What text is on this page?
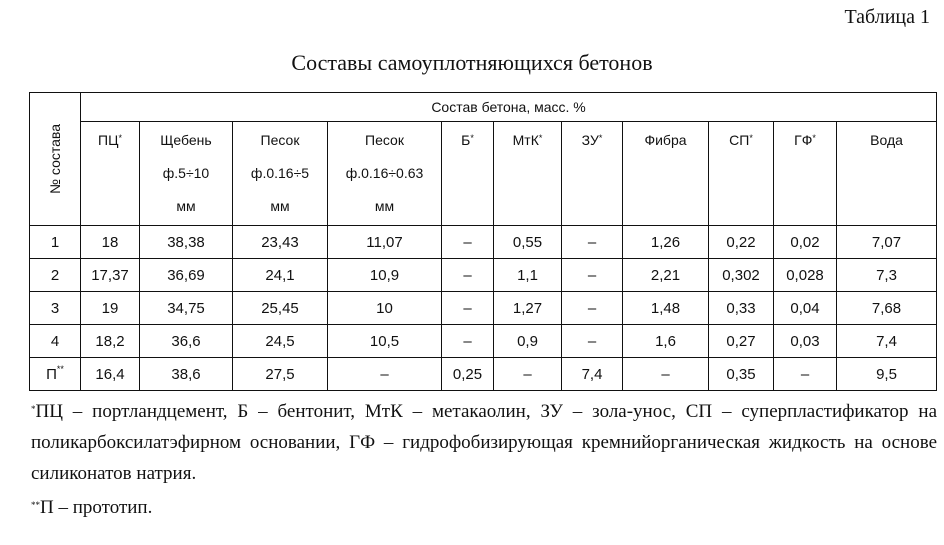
Таблица 1
Составы самоуплотняющихся бетонов
№ состава	Состав бетона, масс. %										

	ПЦ*	Щебень
ф.5÷10
мм	Песок
ф.0.16÷5
мм	Песок
ф.0.16÷0.63
мм	Б*	МтК*	ЗУ*	Фибра	СП*	ГФ*	Вода

1	18	38,38	23,43	11,07	–	0,55	–	1,26	0,22	0,02	7,07
2	17,37	36,69	24,1	10,9	–	1,1	–	2,21	0,302	0,028	7,3
3	19	34,75	25,45	10	–	1,27	–	1,48	0,33	0,04	7,68
4	18,2	36,6	24,5	10,5	–	0,9	–	1,6	0,27	0,03	7,4
П**	16,4	38,6	27,5	–	0,25	–	7,4	–	0,35	–	9,5

*ПЦ – портландцемент, Б – бентонит, МтК – метакаолин, ЗУ – зола-унос, СП – суперпластификатор на поликарбоксилатэфирном основании, ГФ – гидрофобизирующая кремнийорганическая жидкость на основе силиконатов натрия.

**П – прототип.
